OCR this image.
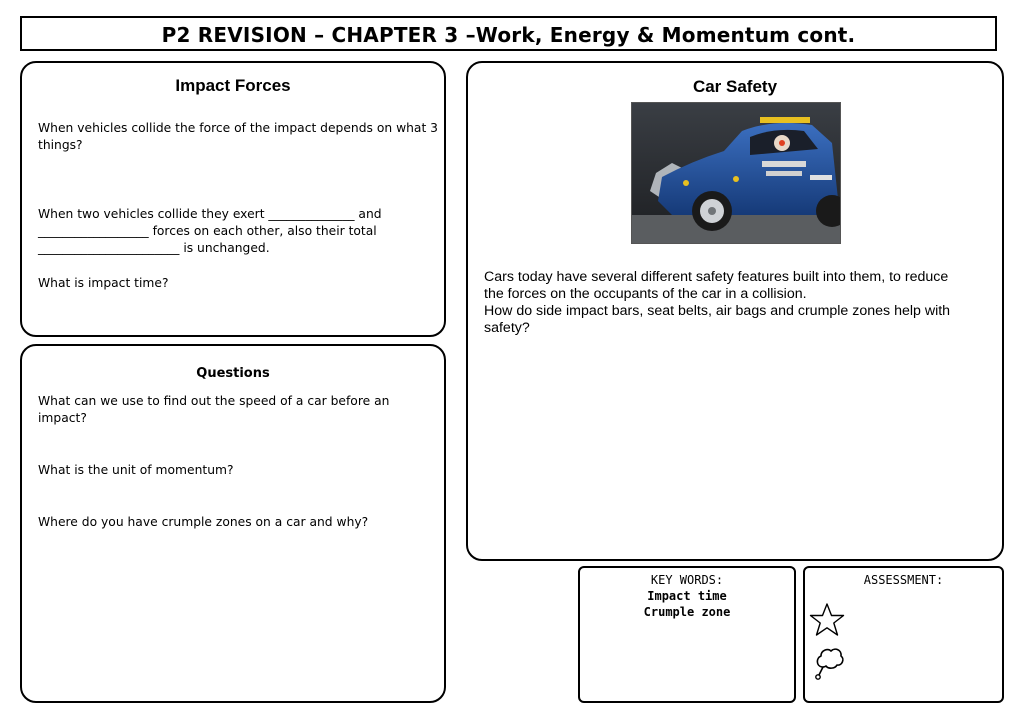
P2 REVISION – CHAPTER 3 –Work, Energy & Momentum cont.
Impact Forces
When vehicles collide the force of the impact depends on what 3
things?
When two vehicles collide they exert ______________ and
__________________ forces on each other, also their total
_______________________ is unchanged.
What is impact time?
Questions
What can we use to find out the speed of a car before an
impact?
What is the unit of momentum?
Where do you have crumple zones on a car and why?
Car Safety
Cars today have several different safety features built into them, to reduce
the forces on the occupants of the car in a collision.
How do side impact bars, seat belts, air bags and crumple zones help with
safety?
KEY WORDS:
Impact time
Crumple zone
ASSESSMENT:
